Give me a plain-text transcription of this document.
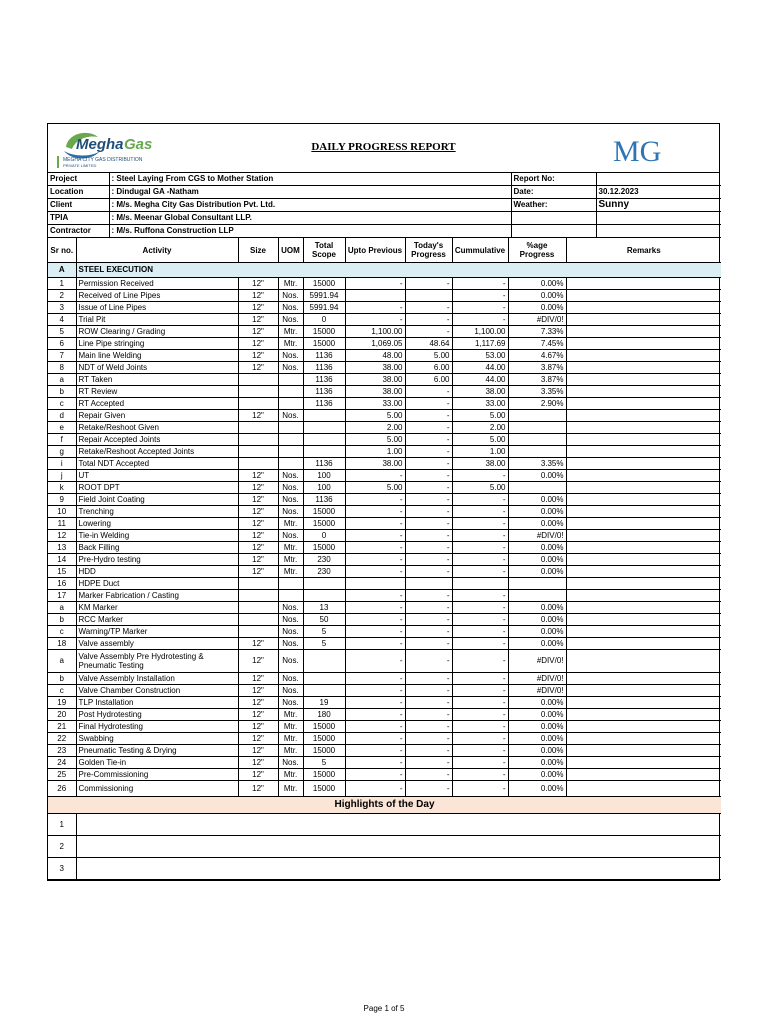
Megha Gas
MEGHA CITY GAS DISTRIBUTION
PRIVATE LIMITED
DAILY PROGRESS REPORT	MG
Project	: Steel Laying From CGS to Mother Station	Report No:	
Location	: Dindugal GA -Natham	Date:	30.12.2023
Client	: M/s. Megha City Gas Distribution Pvt. Ltd.	Weather:	Sunny
TPIA	: M/s. Meenar Global Consultant LLP.		
Contractor	: M/s. Ruffona Construction LLP		
Sr no.	Activity	Size	UOM	Total Scope	Upto Previous	Today's Progress	Cummulative	%age Progress	Remarks
A	STEEL EXECUTION								
1	Permission Received	12"	Mtr.	15000	-	-	-	0.00%	
2	Received of Line Pipes	12"	Nos.	5991.94			-	0.00%	
3	Issue of Line Pipes	12"	Nos.	5991.94	-	-	-	0.00%	
4	Trial Pit	12"	Nos.	0	-	-	-	#DIV/0!	
5	ROW Clearing / Grading	12"	Mtr.	15000	1,100.00	-	1,100.00	7.33%	
6	Line Pipe stringing	12"	Mtr.	15000	1,069.05	48.64	1,117.69	7.45%	
7	Main line Welding	12"	Nos.	1136	48.00	5.00	53.00	4.67%	
8	NDT of Weld Joints	12"	Nos.	1136	38.00	6.00	44.00	3.87%	
a	RT Taken			1136	38.00	6.00	44.00	3.87%	
b	RT Review			1136	38.00	-	38.00	3.35%	
c	RT Accepted			1136	33.00	-	33.00	2.90%	
d	Repair Given	12"	Nos.		5.00	-	5.00		
e	Retake/Reshoot Given				2.00	-	2.00		
f	Repair Accepted Joints				5.00	-	5.00		
g	Retake/Reshoot Accepted Joints				1.00	-	1.00		
i	Total NDT Accepted			1136	38.00	-	38.00	3.35%	
j	UT	12"	Nos.	100	-	-	-	0.00%	
k	ROOT DPT	12"	Nos.	100	5.00	-	5.00		
9	Field Joint Coating	12"	Nos.	1136	-	-	-	0.00%	
10	Trenching	12"	Nos.	15000	-	-	-	0.00%	
11	Lowering	12"	Mtr.	15000	-	-	-	0.00%	
12	Tie-in Welding	12"	Nos.	0	-	-	-	#DIV/0!	
13	Back Filling	12"	Mtr.	15000	-	-	-	0.00%	
14	Pre-Hydro testing	12"	Mtr.	230	-	-	-	0.00%	
15	HDD	12"	Mtr.	230	-	-	-	0.00%	
16	HDPE Duct								
17	Marker Fabrication / Casting				-	-	-		
a	KM Marker		Nos.	13	-	-	-	0.00%	
b	RCC Marker		Nos.	50	-	-	-	0.00%	
c	Warning/TP Marker		Nos.	5	-	-	-	0.00%	
18	Valve assembly	12"	Nos.	5	-	-	-	0.00%	
a	Valve Assembly Pre Hydrotesting & Pneumatic Testing	12"	Nos.		-	-	-	#DIV/0!	
b	Valve Assembly Installation	12"	Nos.		-	-	-	#DIV/0!	
c	Valve Chamber Construction	12"	Nos.		-	-	-	#DIV/0!	
19	TLP Installation	12"	Nos.	19	-	-	-	0.00%	
20	Post Hydrotesting	12"	Mtr.	180	-	-	-	0.00%	
21	Final Hydrotesting	12"	Mtr.	15000	-	-	-	0.00%	
22	Swabbing	12"	Mtr.	15000	-	-	-	0.00%	
23	Pneumatic Testing & Drying	12"	Mtr.	15000	-	-	-	0.00%	
24	Golden Tie-in	12"	Nos.	5	-	-	-	0.00%	
25	Pre-Commissioning	12"	Mtr.	15000	-	-	-	0.00%	
26	Commissioning	12"	Mtr.	15000	-	-	-	0.00%	
Highlights of the Day									
1									
2									
3									
Page 1 of 5
